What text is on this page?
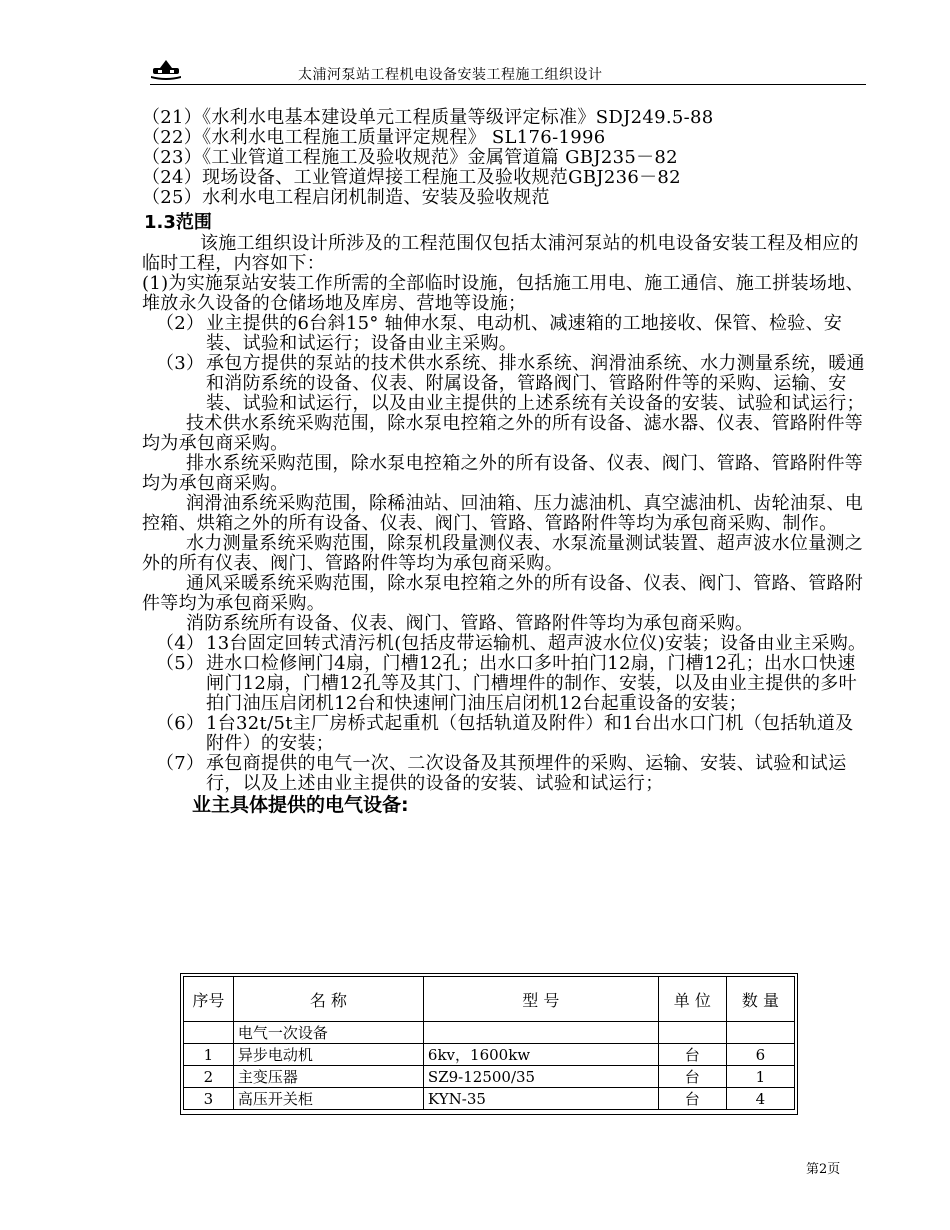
太浦河泵站工程机电设备安装工程施工组织设计
（21）《水利水电基本建设单元工程质量等级评定标准》SDJ249.5-88
（22）《水利水电工程施工质量评定规程》 SL176-1996
（23）《工业管道工程施工及验收规范》金属管道篇 GBJ235－82
（24）现场设备、工业管道焊接工程施工及验收规范GBJ236－82
（25）水利水电工程启闭机制造、安装及验收规范
1.3范围
该施工组织设计所涉及的工程范围仅包括太浦河泵站的机电设备安装工程及相应的临时工程，内容如下：
(1)为实施泵站安装工作所需的全部临时设施，包括施工用电、施工通信、施工拼装场地、堆放永久设备的仓储场地及库房、营地等设施；
（2） 业主提供的6台斜15° 轴伸水泵、电动机、减速箱的工地接收、保管、检验、安装、试验和试运行；设备由业主采购。
（3） 承包方提供的泵站的技术供水系统、排水系统、润滑油系统、水力测量系统，暖通和消防系统的设备、仪表、附属设备，管路阀门、管路附件等的采购、运输、安装、试验和试运行，以及由业主提供的上述系统有关设备的安装、试验和试运行；
技术供水系统采购范围，除水泵电控箱之外的所有设备、滤水器、仪表、管路附件等均为承包商采购。
排水系统采购范围，除水泵电控箱之外的所有设备、仪表、阀门、管路、管路附件等均为承包商采购。
润滑油系统采购范围，除稀油站、回油箱、压力滤油机、真空滤油机、齿轮油泵、电控箱、烘箱之外的所有设备、仪表、阀门、管路、管路附件等均为承包商采购、制作。
水力测量系统采购范围，除泵机段量测仪表、水泵流量测试装置、超声波水位量测之外的所有仪表、阀门、管路附件等均为承包商采购。
通风采暖系统采购范围，除水泵电控箱之外的所有设备、仪表、阀门、管路、管路附件等均为承包商采购。
消防系统所有设备、仪表、阀门、管路、管路附件等均为承包商采购。
（4） 13台固定回转式清污机(包括皮带运输机、超声波水位仪)安装；设备由业主采购。
（5） 进水口检修闸门4扇，门槽12孔；出水口多叶拍门12扇，门槽12孔；出水口快速闸门12扇，门槽12孔等及其门、门槽埋件的制作、安装，以及由业主提供的多叶拍门油压启闭机12台和快速闸门油压启闭机12台起重设备的安装；
（6） 1台32t/5t主厂房桥式起重机（包括轨道及附件）和1台出水口门机（包括轨道及附件）的安装；
（7） 承包商提供的电气一次、二次设备及其预埋件的采购、运输、安装、试验和试运行，以及上述由业主提供的设备的安装、试验和试运行；
业主具体提供的电气设备:
序号	名 称	型 号	单 位	数 量
	电气一次设备			
1	异步电动机	6kv，1600kw	台	6
2	主变压器	SZ9-12500/35	台	1
3	高压开关柜	KYN-35	台	4
第2页
